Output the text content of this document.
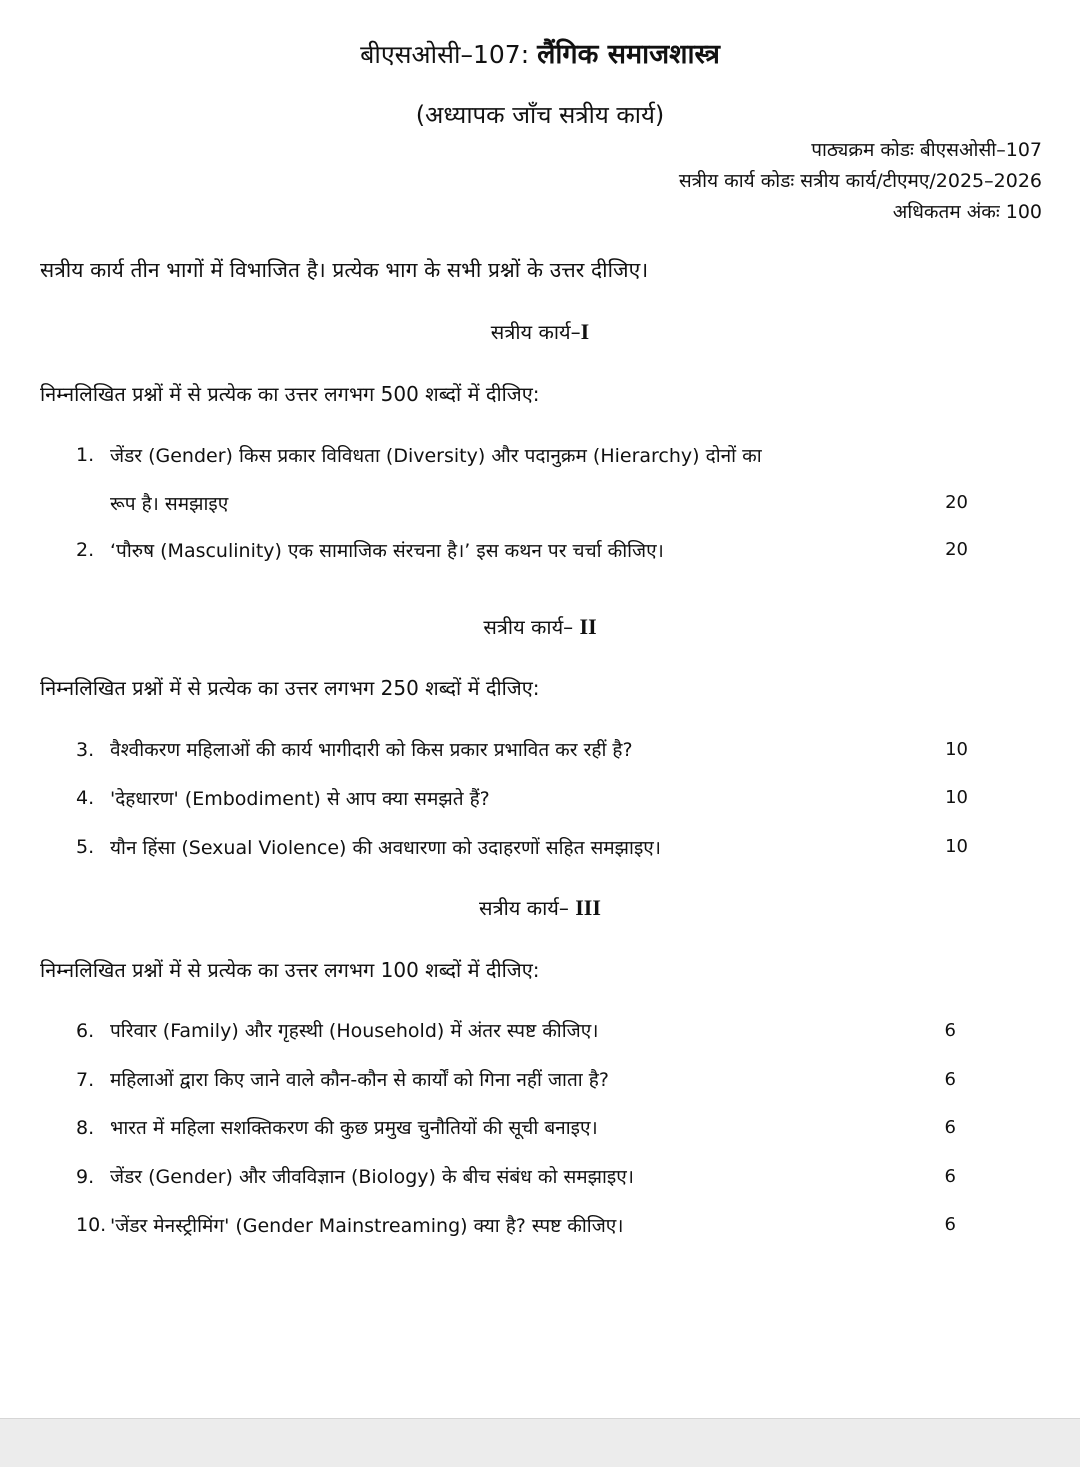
बीएसओसी–107: लैंगिक समाजशास्त्र
(अध्यापक जाँच सत्रीय कार्य)
पाठ्यक्रम कोडः बीएसओसी–107
सत्रीय कार्य कोडः सत्रीय कार्य/टीएमए/2025–2026
अधिकतम अंकः 100
सत्रीय कार्य तीन भागों में विभाजित है। प्रत्येक भाग के सभी प्रश्नों के उत्तर दीजिए।
सत्रीय कार्य–I
निम्नलिखित प्रश्नों में से प्रत्येक का उत्तर लगभग 500 शब्दों में दीजिए:
1. जेंडर (Gender) किस प्रकार विविधता (Diversity) और पदानुक्रम (Hierarchy) दोनों का
रूप है। समझाइए	20
2. ‘पौरुष (Masculinity) एक सामाजिक संरचना है।’ इस कथन पर चर्चा कीजिए।	20
सत्रीय कार्य– II
निम्नलिखित प्रश्नों में से प्रत्येक का उत्तर लगभग 250 शब्दों में दीजिए:
3. वैश्वीकरण महिलाओं की कार्य भागीदारी को किस प्रकार प्रभावित कर रहीं है?	10
4. 'देहधारण' (Embodiment) से आप क्या समझते हैं?	10
5. यौन हिंसा (Sexual Violence) की अवधारणा को उदाहरणों सहित समझाइए।	10
सत्रीय कार्य– III
निम्नलिखित प्रश्नों में से प्रत्येक का उत्तर लगभग 100 शब्दों में दीजिए:
6. परिवार (Family) और गृहस्थी (Household) में अंतर स्पष्ट कीजिए।	6
7. महिलाओं द्वारा किए जाने वाले कौन-कौन से कार्यों को गिना नहीं जाता है?	6
8. भारत में महिला सशक्तिकरण की कुछ प्रमुख चुनौतियों की सूची बनाइए।	6
9. जेंडर (Gender) और जीवविज्ञान (Biology) के बीच संबंध को समझाइए।	6
10. 'जेंडर मेनस्ट्रीमिंग' (Gender Mainstreaming) क्या है? स्पष्ट कीजिए।	6
